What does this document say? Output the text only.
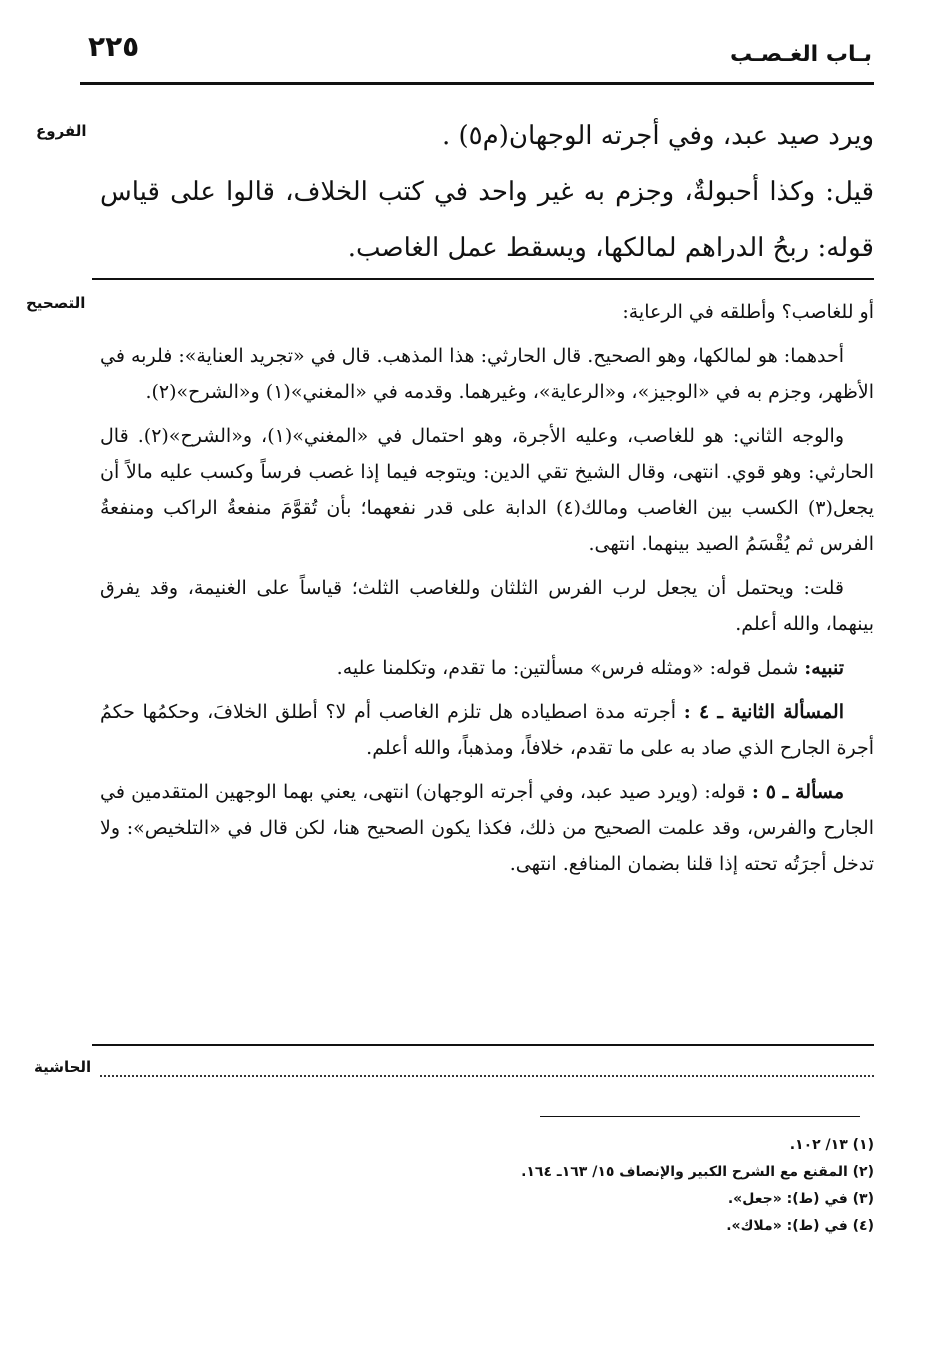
٢٢٥	بـاب الغـصـب
الفروع	ويرد صيد عبد، وفي أجرته الوجهان(م٥) .

قيل: وكذا أحبولةٌ، وجزم به غير واحد في كتب الخلاف، قالوا على قياس قوله: ربحُ الدراهم لمالكها، ويسقط عمل الغاصب.

التصحيح	أو للغاصب؟ وأطلقه في الرعاية:

أحدهما: هو لمالكها، وهو الصحيح. قال الحارثي: هذا المذهب. قال في «تجريد العناية»: فلربه في الأظهر، وجزم به في «الوجيز»، و«الرعاية»، وغيرهما. وقدمه في «المغني»(١) و«الشرح»(٢).

والوجه الثاني: هو للغاصب، وعليه الأجرة، وهو احتمال في «المغني»(١)، و«الشرح»(٢). قال الحارثي: وهو قوي. انتهى، وقال الشيخ تقي الدين: ويتوجه فيما إذا غصب فرساً وكسب عليه مالاً أن يجعل(٣) الكسب بين الغاصب ومالك(٤) الدابة على قدر نفعهما؛ بأن تُقوَّمَ منفعةُ الراكب ومنفعةُ الفرس ثم يُقْسَمُ الصيد بينهما. انتهى.

قلت: ويحتمل أن يجعل لرب الفرس الثلثان وللغاصب الثلث؛ قياساً على الغنيمة، وقد يفرق بينهما، والله أعلم.

تنبيه: شمل قوله: «ومثله فرس» مسألتين: ما تقدم، وتكلمنا عليه.

المسألة الثانية ـ ٤ : أجرته مدة اصطياده هل تلزم الغاصب أم لا؟ أطلق الخلافَ، وحكمُها حكمُ أجرة الجارح الذي صاد به على ما تقدم، خلافاً، ومذهباً، والله أعلم.

مسألة ـ ٥ : قوله: (ويرد صيد عبد، وفي أجرته الوجهان) انتهى، يعني بهما الوجهين المتقدمين في الجارح والفرس، وقد علمت الصحيح من ذلك، فكذا يكون الصحيح هنا، لكن قال في «التلخيص»: ولا تدخل أجرَتُه تحته إذا قلنا بضمان المنافع. انتهى.

الحاشية
(١) ١٣/ ١٠٢.
(٢) المقنع مع الشرح الكبير والإنصاف ١٥/ ١٦٣ـ ١٦٤.
(٣) في (ط): «جعل».
(٤) في (ط): «ملاك».
